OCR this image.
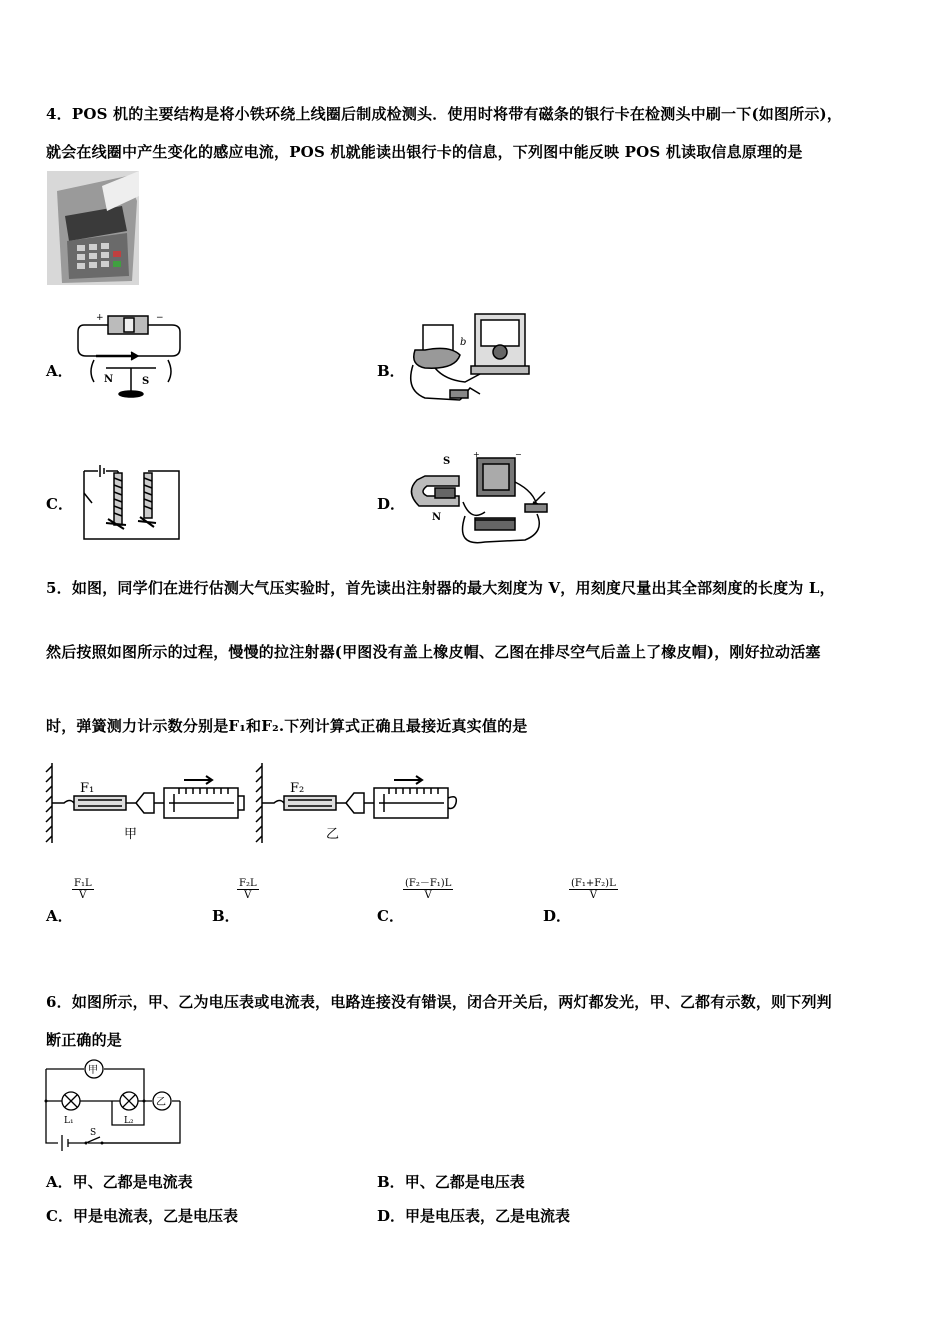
4．POS 机的主要结构是将小铁环绕上线圈后制成检测头．使用时将带有磁条的银行卡在检测头中刷一下(如图所示)，
就会在线圈中产生变化的感应电流，POS 机就能读出银行卡的信息，下列图中能反映 POS 机读取信息原理的是
A．	N	S
+	−
B．
b
C．	D．
S
N
+	−
5．如图，同学们在进行估测大气压实验时，首先读出注射器的最大刻度为 V，用刻度尺量出其全部刻度的长度为 L，
然后按照如图所示的过程，慢慢的拉注射器(甲图没有盖上橡皮帽、乙图在排尽空气后盖上了橡皮帽)，刚好拉动活塞
时，弹簧测力计示数分别是F₁和F₂.下列计算式正确且最接近真实值的是
F₁	F₂
甲	乙
A．
$\frac{\text{F₁L}}{V}$
B．
$\frac{\text{F₂L}}{V}$
C．
$\frac{\text{(F₂－F₁)L}}{V}$
D．
$\frac{\text{(F₁+F₂)L}}{V}$
6．如图所示，甲、乙为电压表或电流表，电路连接没有错误，闭合开关后，两灯都发光，甲、乙都有示数，则下列判
断正确的是
甲
乙
L₁	L₂
S
A．甲、乙都是电流表	B．甲、乙都是电压表
C．甲是电流表，乙是电压表	D．甲是电压表，乙是电流表
